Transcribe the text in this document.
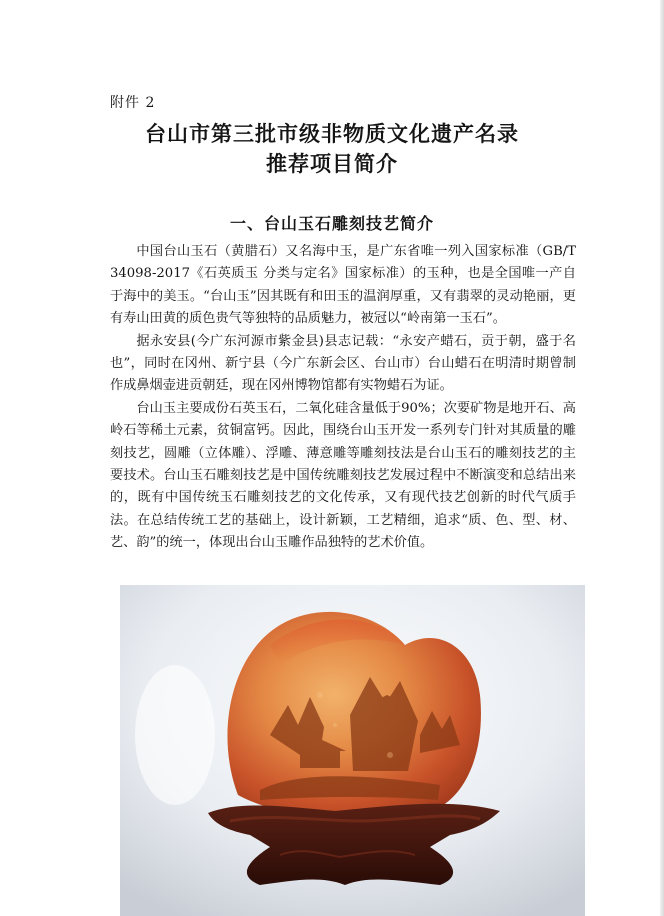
附件 2
台山市第三批市级非物质文化遗产名录
推荐项目简介
一、台山玉石雕刻技艺简介

中国台山玉石（黄腊石）又名海中玉，是广东省唯一列入国家标准（GB/T 34098-2017《石英质玉 分类与定名》国家标准）的玉种，也是全国唯一产自于海中的美玉。“台山玉”因其既有和田玉的温润厚重，又有翡翠的灵动艳丽，更有寿山田黄的质色贵气等独特的品质魅力，被冠以“岭南第一玉石”。

据永安县(今广东河源市紫金县)县志记载：“永安产蜡石，贡于朝，盛于名也”，同时在冈州、新宁县（今广东新会区、台山市）台山蜡石在明清时期曾制作成鼻烟壶进贡朝廷，现在冈州博物馆都有实物蜡石为证。

台山玉主要成份石英玉石，二氧化硅含量低于90%；次要矿物是地开石、高岭石等稀土元素，贫铜富钙。因此，围绕台山玉开发一系列专门针对其质量的雕刻技艺，圆雕（立体雕）、浮雕、薄意雕等雕刻技法是台山玉石的雕刻技艺的主要技术。台山玉石雕刻技艺是中国传统雕刻技艺发展过程中不断演变和总结出来的，既有中国传统玉石雕刻技艺的文化传承，又有现代技艺创新的时代气质手法。在总结传统工艺的基础上，设计新颖，工艺精细，追求“质、色、型、材、艺、韵”的统一，体现出台山玉雕作品独特的艺术价值。
